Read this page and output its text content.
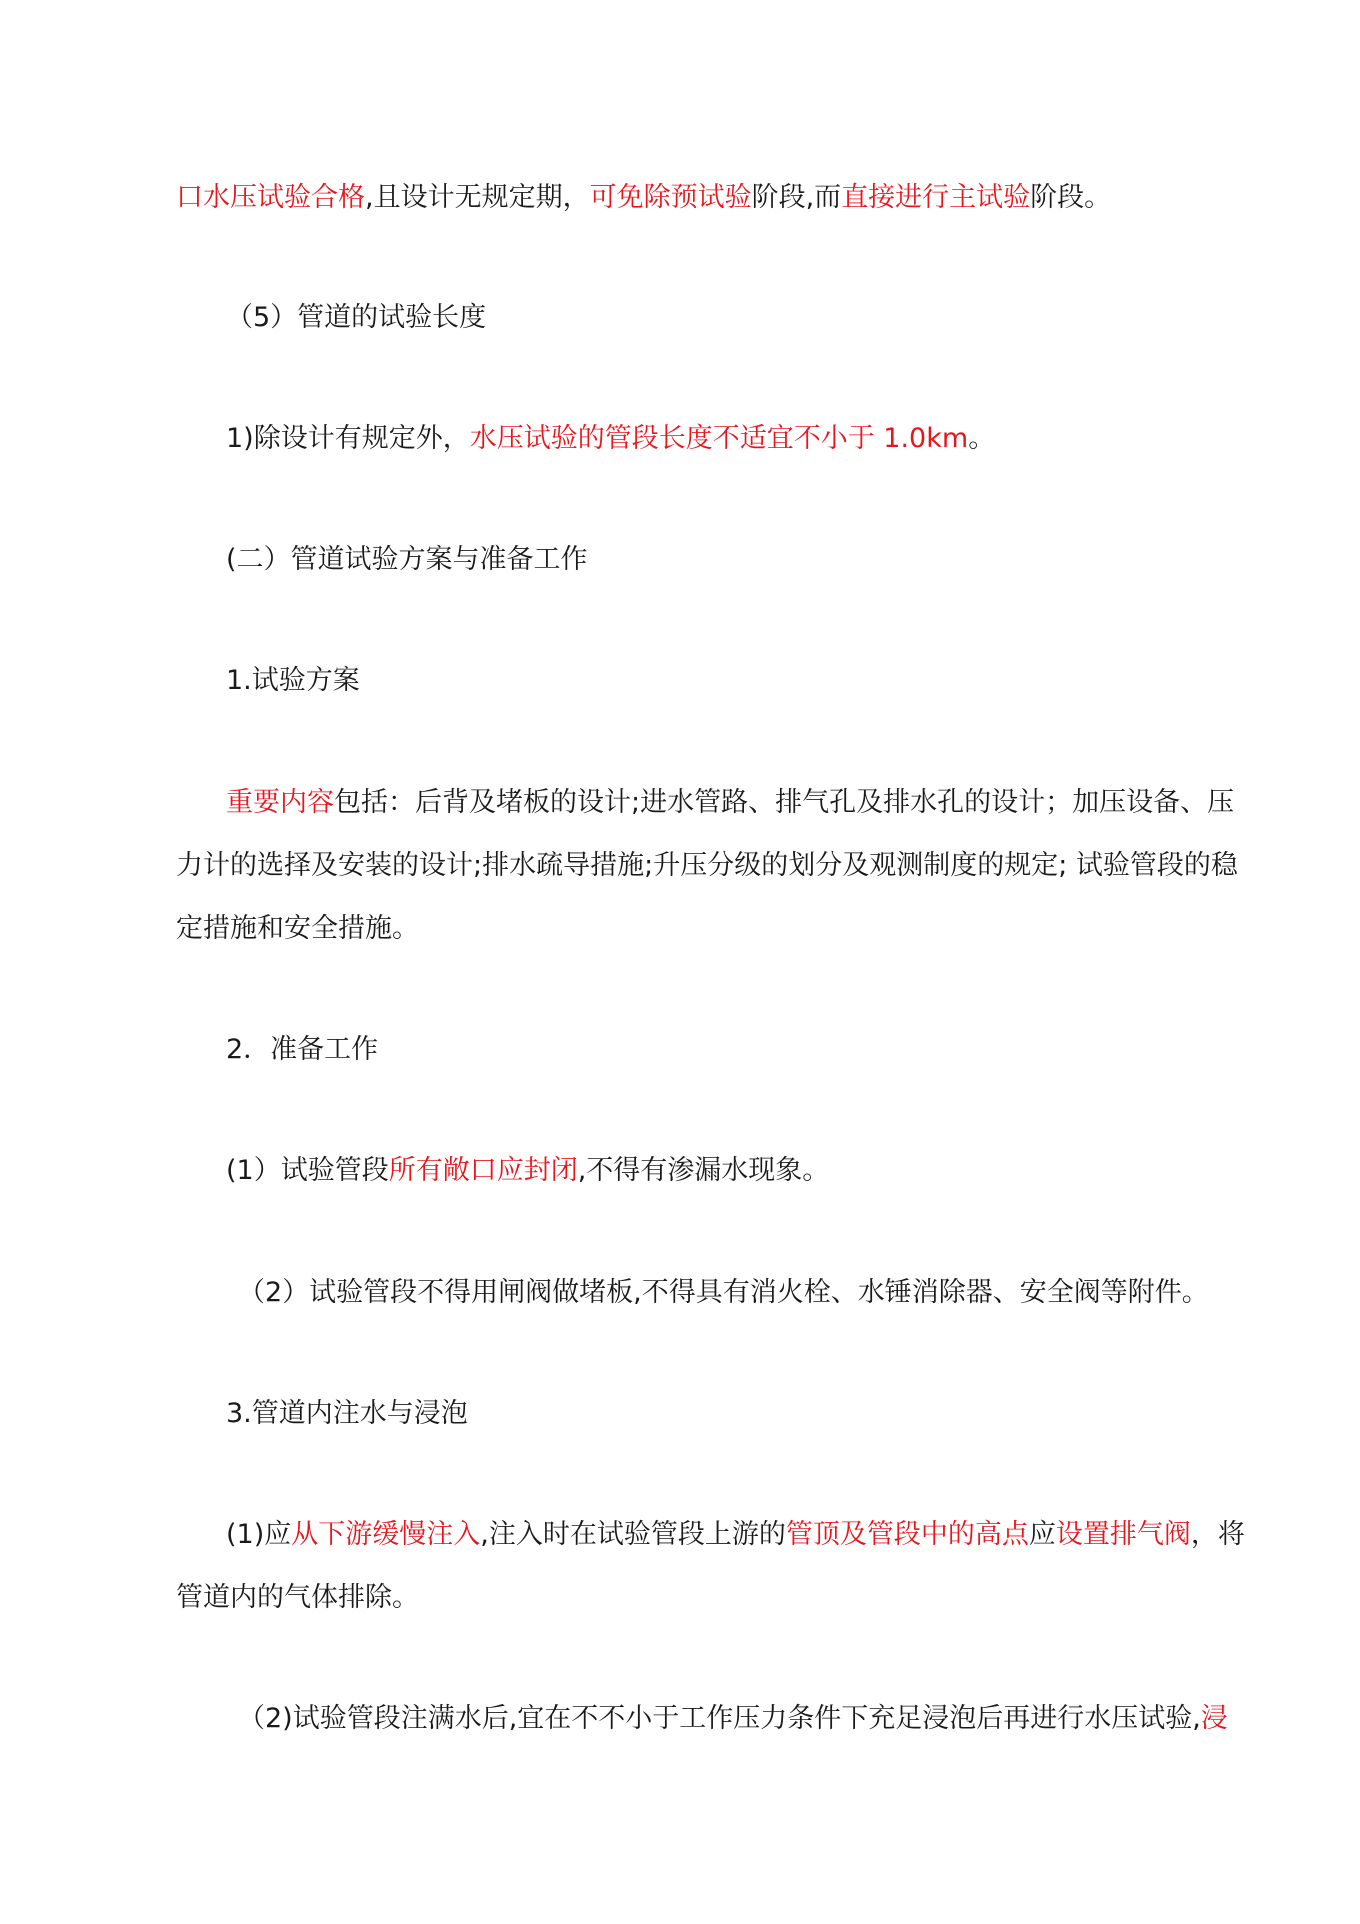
口水压试验合格,且设计无规定期，可免除预试验阶段,而直接进行主试验阶段。
（5）管道的试验长度
1)除设计有规定外，水压试验的管段长度不适宜不小于 1.0km。
(二）管道试验方案与准备工作
1.试验方案
重要内容包括：后背及堵板的设计;进水管路、排气孔及排水孔的设计；加压设备、压
力计的选择及安装的设计;排水疏导措施;升压分级的划分及观测制度的规定; 试验管段的稳
定措施和安全措施。
2．准备工作
(1）试验管段所有敞口应封闭,不得有渗漏水现象。
（2）试验管段不得用闸阀做堵板,不得具有消火栓、水锤消除器、安全阀等附件。
3.管道内注水与浸泡
(1)应从下游缓慢注入,注入时在试验管段上游的管顶及管段中的高点应设置排气阀，将
管道内的气体排除。
（2)试验管段注满水后,宜在不不小于工作压力条件下充足浸泡后再进行水压试验,浸
